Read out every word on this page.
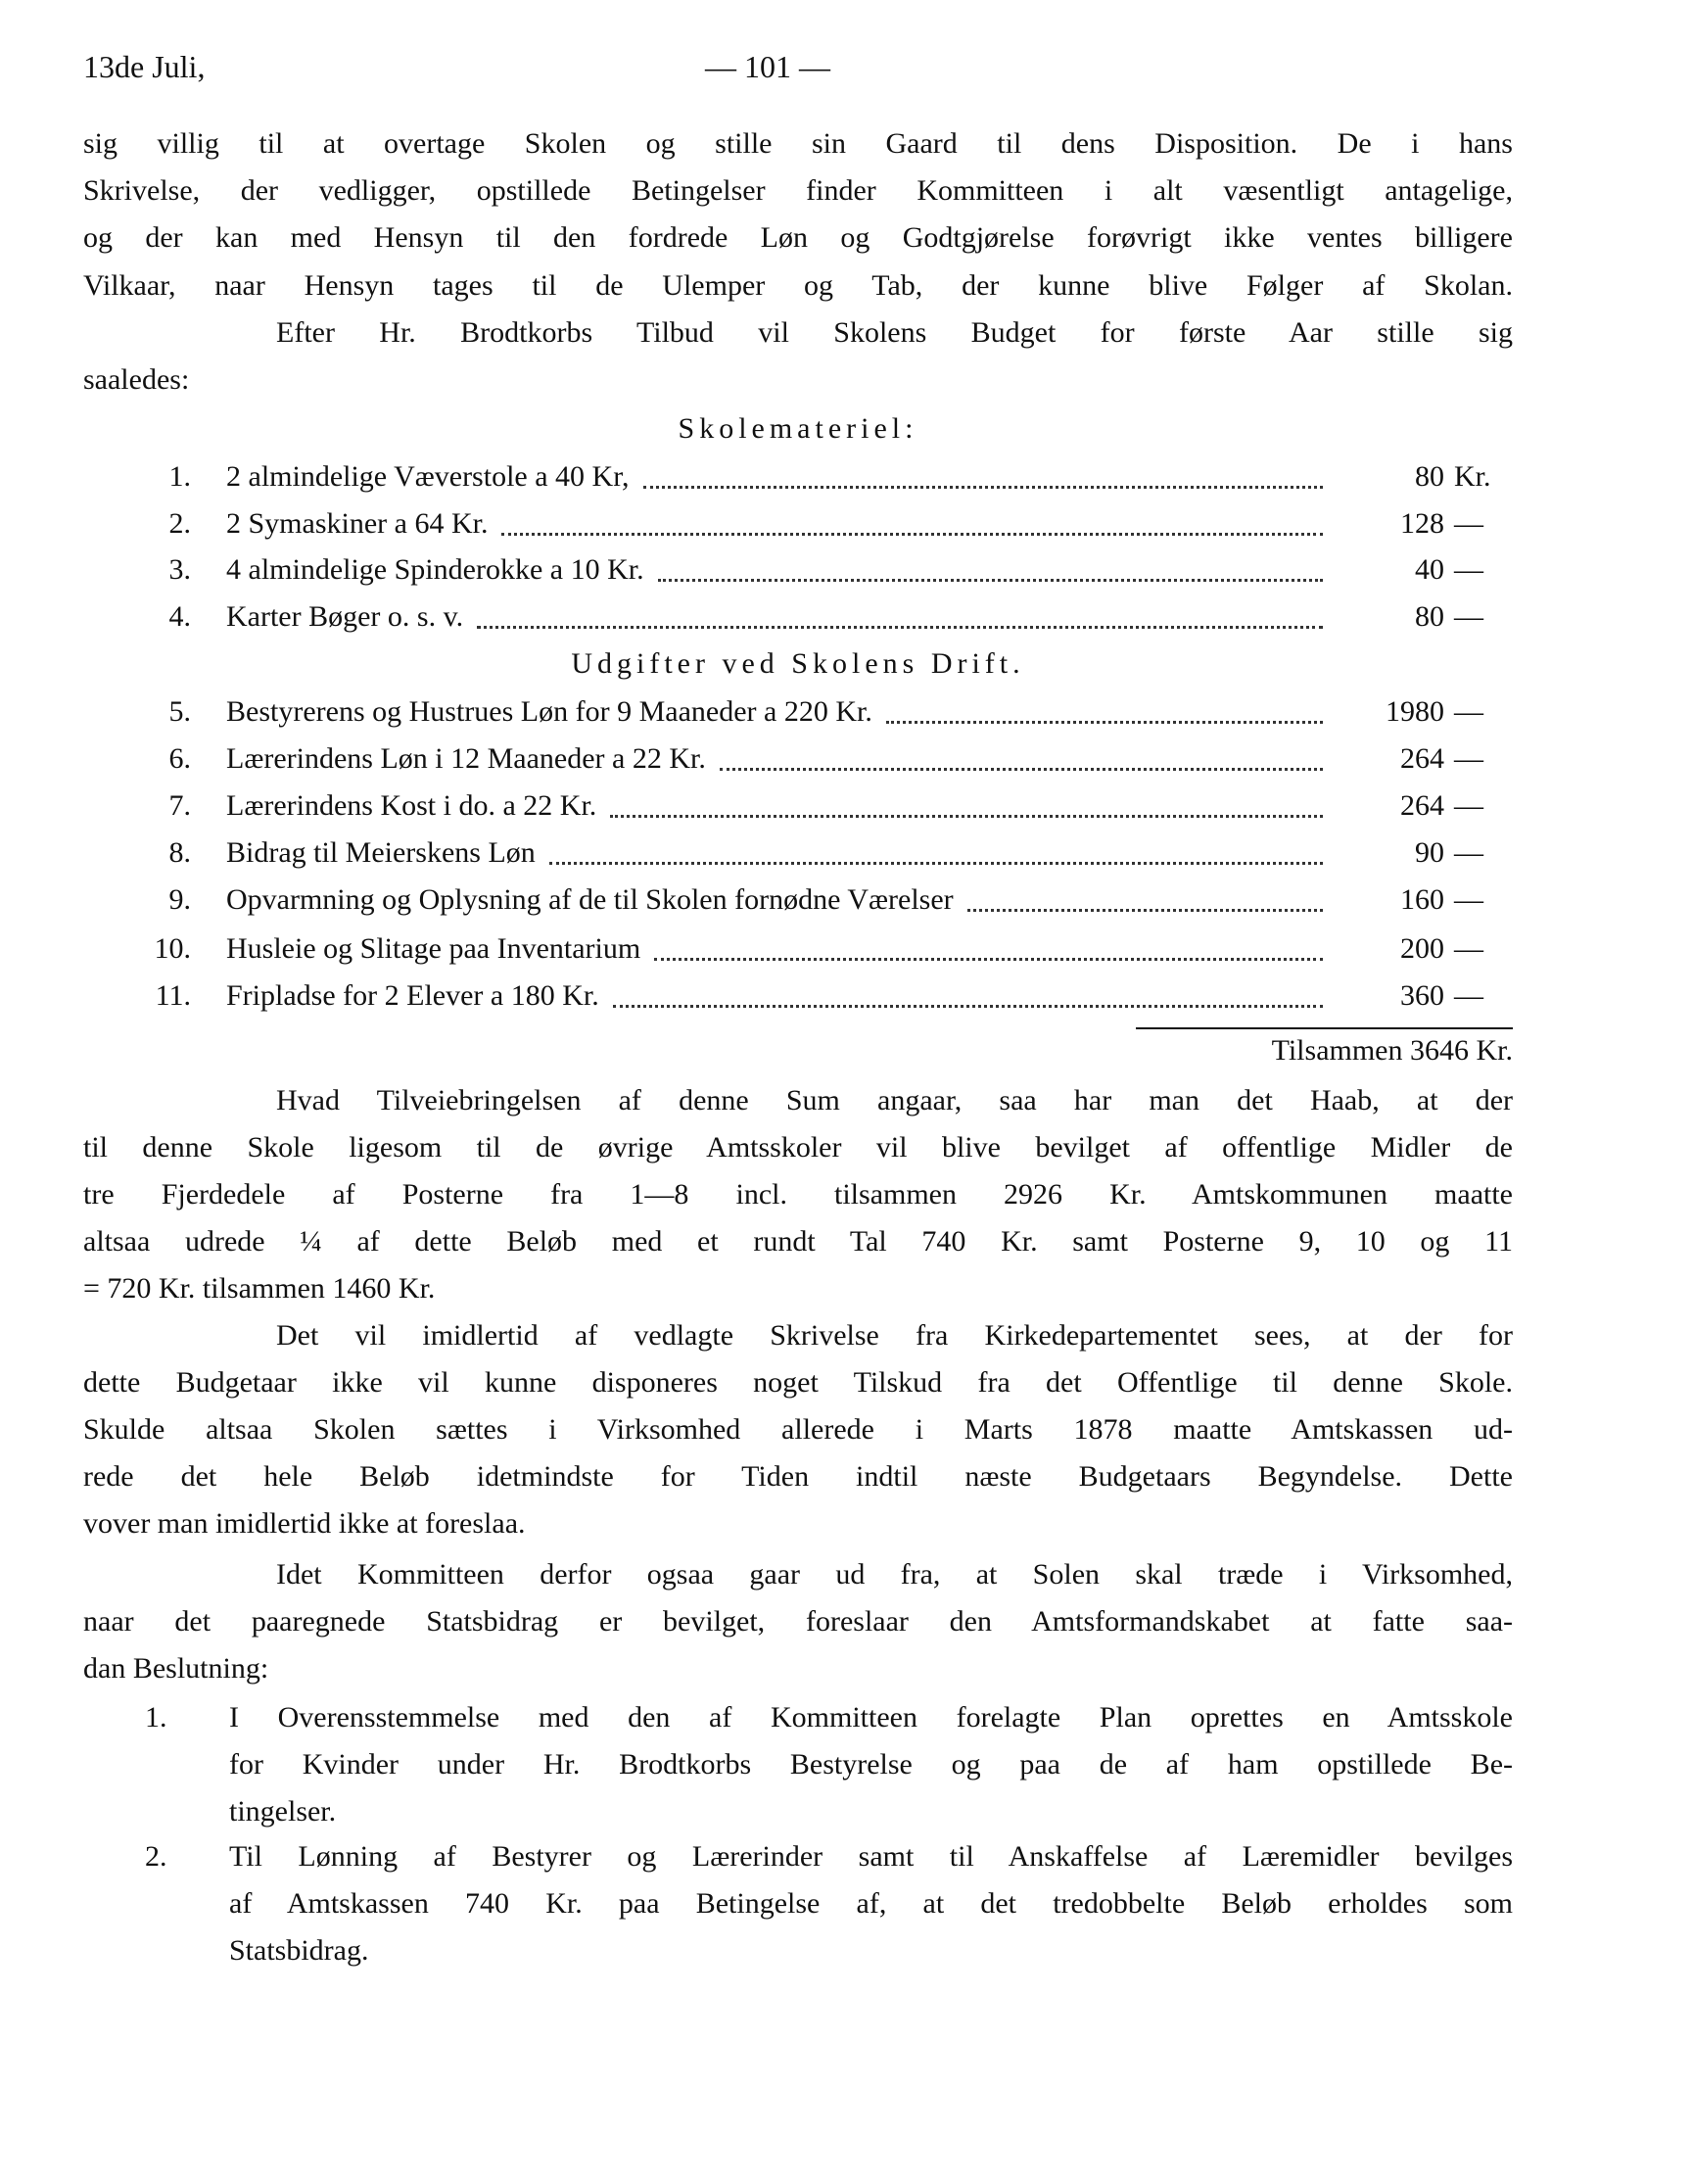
13de Juli,	— 101 —
sig villig til at overtage Skolen og stille sin Gaard til dens Disposition. De i hans
Skrivelse, der vedligger, opstillede Betingelser finder Kommitteen i alt væsentligt antagelige,
og der kan med Hensyn til den fordrede Løn og Godtgjørelse forøvrigt ikke ventes billigere
Vilkaar, naar Hensyn tages til de Ulemper og Tab, der kunne blive Følger af Skolan.
Efter Hr. Brodtkorbs Tilbud vil Skolens Budget for første Aar stille sig
saaledes:
Skolemateriel:
1. 2 almindelige Væverstole a 40 Kr,	80 Kr.
2. 2 Symaskiner a 64 Kr.	128 —
3. 4 almindelige Spinderokke a 10 Kr.	40 —
4. Karter Bøger o. s. v.	80 —
Udgifter ved Skolens Drift.
5. Bestyrerens og Hustrues Løn for 9 Maaneder a 220 Kr.	1980 —
6. Lærerindens Løn i 12 Maaneder a 22 Kr.	264 —
7. Lærerindens Kost i do. a 22 Kr.	264 —
8. Bidrag til Meierskens Løn	90 —
9. Opvarmning og Oplysning af de til Skolen fornødne Værelser	160 —
10. Husleie og Slitage paa Inventarium	200 —
11. Fripladse for 2 Elever a 180 Kr.	360 —
Tilsammen 3646 Kr.
Hvad Tilveiebringelsen af denne Sum angaar, saa har man det Haab, at der
til denne Skole ligesom til de øvrige Amtsskoler vil blive bevilget af offentlige Midler de
tre Fjerdedele af Posterne fra 1—8 incl. tilsammen 2926 Kr. Amtskommunen maatte
altsaa udrede ¼ af dette Beløb med et rundt Tal 740 Kr. samt Posterne 9, 10 og 11
= 720 Kr. tilsammen 1460 Kr.
Det vil imidlertid af vedlagte Skrivelse fra Kirkedepartementet sees, at der for
dette Budgetaar ikke vil kunne disponeres noget Tilskud fra det Offentlige til denne Skole.
Skulde altsaa Skolen sættes i Virksomhed allerede i Marts 1878 maatte Amtskassen ud-
rede det hele Beløb idetmindste for Tiden indtil næste Budgetaars Begyndelse. Dette
vover man imidlertid ikke at foreslaa.
Idet Kommitteen derfor ogsaa gaar ud fra, at Solen skal træde i Virksomhed,
naar det paaregnede Statsbidrag er bevilget, foreslaar den Amtsformandskabet at fatte saa-
dan Beslutning:
1. I Overensstemmelse med den af Kommitteen forelagte Plan oprettes en Amtsskole
for Kvinder under Hr. Brodtkorbs Bestyrelse og paa de af ham opstillede Be-
tingelser.
2. Til Lønning af Bestyrer og Lærerinder samt til Anskaffelse af Læremidler bevilges
af Amtskassen 740 Kr. paa Betingelse af, at det tredobbelte Beløb erholdes som
Statsbidrag.
